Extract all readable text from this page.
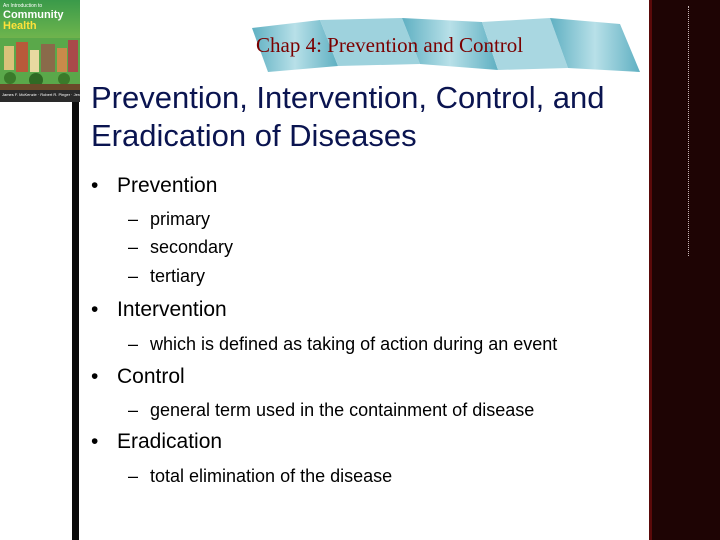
An Introduction to
Community
Health
James F. McKenzie · Robert R. Pinger · Jerome E. Kotecki
Chap 4: Prevention and Control
Prevention, Intervention, Control, and Eradication of Diseases
• Prevention
– primary
– secondary
– tertiary
• Intervention
– which is defined as taking of action during an event
• Control
– general term used in the containment of disease
• Eradication
– total elimination of the disease
